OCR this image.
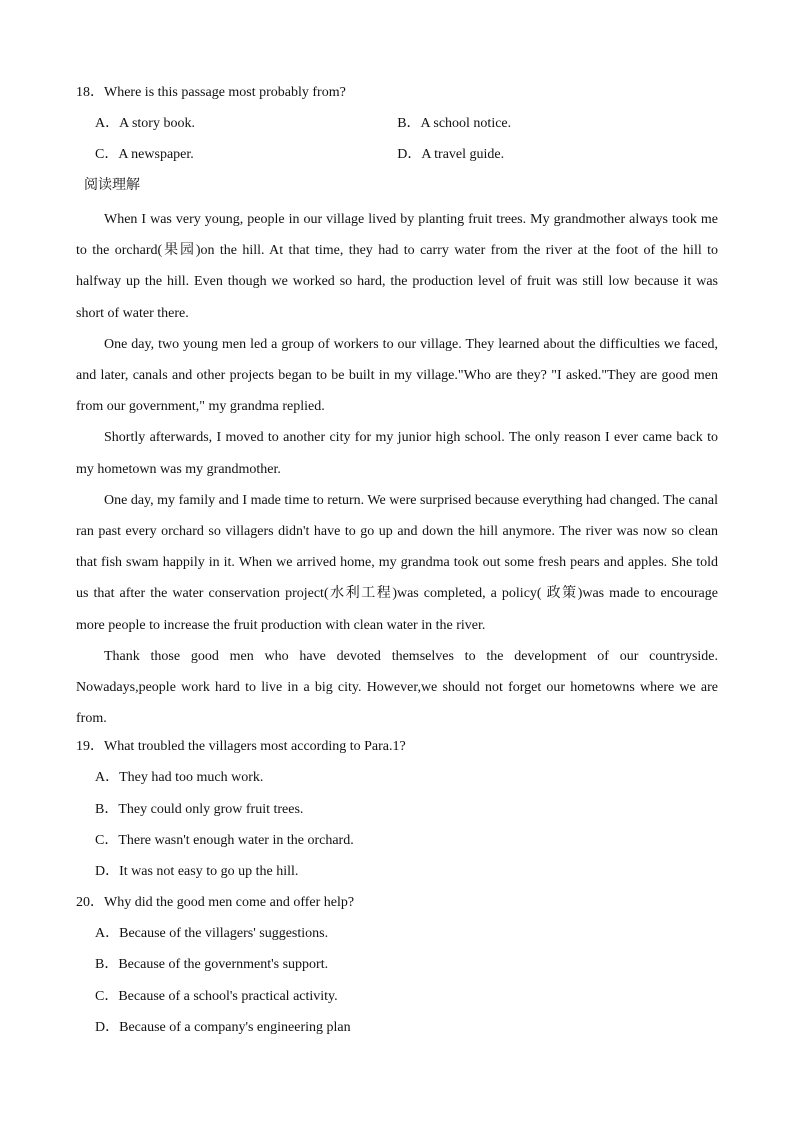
18．Where is this passage most probably from?
A．A story book.	B．A school notice.
C．A newspaper.	D．A travel guide.
阅读理解

When I was very young, people in our village lived by planting fruit trees. My grandmother always took me to the orchard(果园)on the hill. At that time, they had to carry water from the river at the foot of the hill to halfway up the hill. Even though we worked so hard, the production level of fruit was still low because it was short of water there.

One day, two young men led a group of workers to our village. They learned about the difficulties we faced, and later, canals and other projects began to be built in my village."Who are they? "I asked."They are good men from our government," my grandma replied.

Shortly afterwards, I moved to another city for my junior high school. The only reason I ever came back to my hometown was my grandmother.

One day, my family and I made time to return. We were surprised because everything had changed. The canal ran past every orchard so villagers didn't have to go up and down the hill anymore. The river was now so clean that fish swam happily in it. When we arrived home, my grandma took out some fresh pears and apples. She told us that after the water conservation project(水利工程)was completed, a policy( 政策)was made to encourage more people to increase the fruit production with clean water in the river.

Thank those good men who have devoted themselves to the development of our countryside. Nowadays,people work hard to live in a big city. However,we should not forget our hometowns where we are from.

19．What troubled the villagers most according to Para.1?
A．They had too much work.
B．They could only grow fruit trees.
C．There wasn't enough water in the orchard.
D．It was not easy to go up the hill.
20．Why did the good men come and offer help?
A．Because of the villagers' suggestions.
B．Because of the government's support.
C．Because of a school's practical activity.
D．Because of a company's engineering plan
